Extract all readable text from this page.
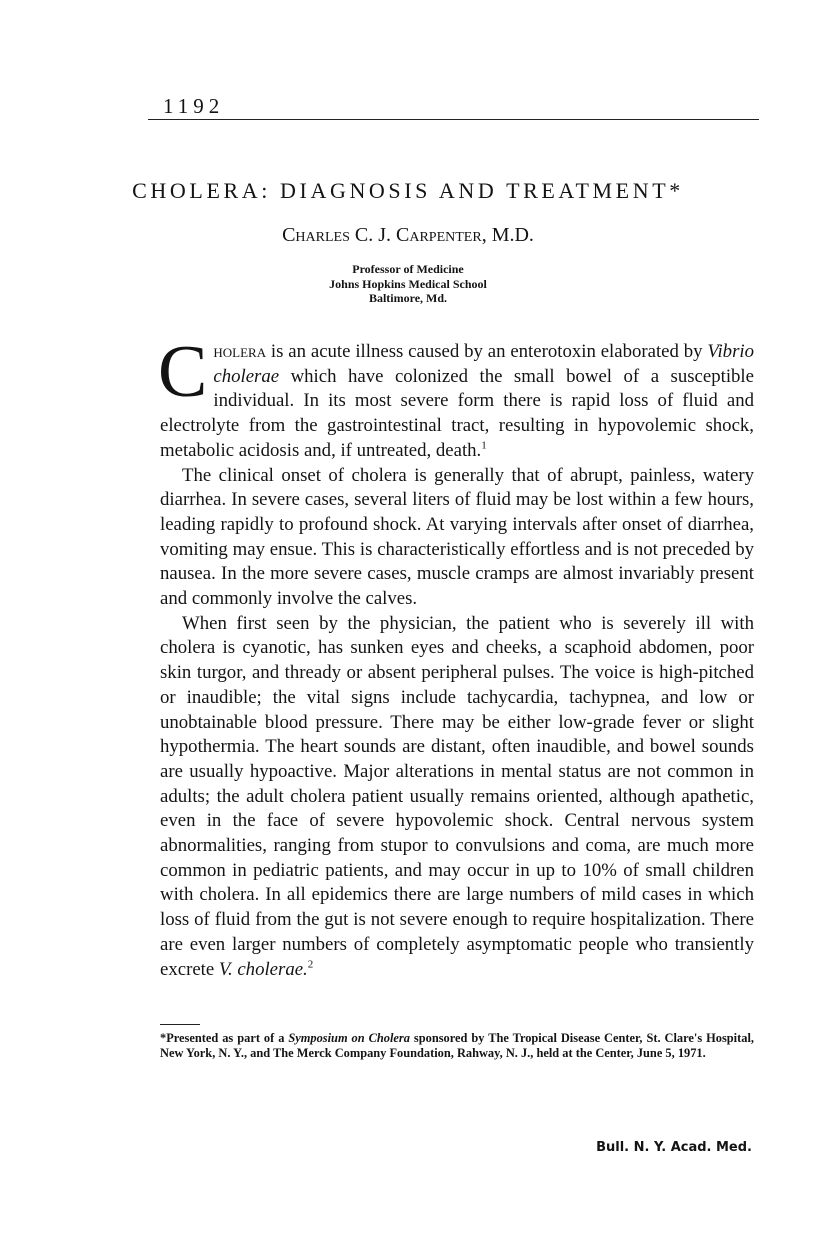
1192
CHOLERA: DIAGNOSIS AND TREATMENT*
Charles C. J. Carpenter, M.D.
Professor of Medicine
Johns Hopkins Medical School
Baltimore, Md.

Cholera is an acute illness caused by an enterotoxin elaborated by Vibrio cholerae which have colonized the small bowel of a susceptible individual. In its most severe form there is rapid loss of fluid and electrolyte from the gastrointestinal tract, resulting in hypovolemic shock, metabolic acidosis and, if untreated, death.$^1$

The clinical onset of cholera is generally that of abrupt, painless, watery diarrhea. In severe cases, several liters of fluid may be lost within a few hours, leading rapidly to profound shock. At varying intervals after onset of diarrhea, vomiting may ensue. This is characteristically effortless and is not preceded by nausea. In the more severe cases, muscle cramps are almost invariably present and commonly involve the calves.

When first seen by the physician, the patient who is severely ill with cholera is cyanotic, has sunken eyes and cheeks, a scaphoid abdomen, poor skin turgor, and thready or absent peripheral pulses. The voice is high-pitched or inaudible; the vital signs include tachycardia, tachypnea, and low or unobtainable blood pressure. There may be either low-grade fever or slight hypothermia. The heart sounds are distant, often inaudible, and bowel sounds are usually hypoactive. Major alterations in mental status are not common in adults; the adult cholera patient usually remains oriented, although apathetic, even in the face of severe hypovolemic shock. Central nervous system abnormalities, ranging from stupor to convulsions and coma, are much more common in pediatric patients, and may occur in up to 10% of small children with cholera. In all epidemics there are large numbers of mild cases in which loss of fluid from the gut is not severe enough to require hospitalization. There are even larger numbers of completely asymptomatic people who transiently excrete V. cholerae.$^2$

*Presented as part of a Symposium on Cholera sponsored by The Tropical Disease Center, St. Clare's Hospital, New York, N. Y., and The Merck Company Foundation, Rahway, N. J., held at the Center, June 5, 1971.
Bull. N. Y. Acad. Med.
